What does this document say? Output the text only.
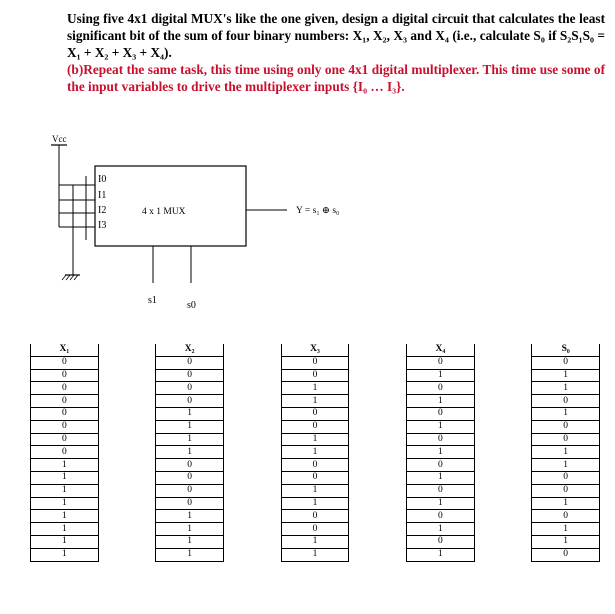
Using five 4x1 digital MUX's like the one given, design a digital circuit that calculates the least significant bit of the sum of four binary numbers: X₁, X₂, X₃ and X₄ (i.e., calculate S₀ if S₂S₁S₀ = X₁ + X₂ + X₃ + X₄).

(b)Repeat the same task, this time using only one 4x1 digital multiplexer. This time use some of the input variables to drive the multiplexer inputs {I₀ … I₃}.

Vcc
4 x 1 MUX
I0
I1
I2
I3
s1	s0
Y = s₁ ⊕ s₀
X₁		X₂		X₃		X₄		S₀
0		0		0		0		0
0		0		0		1		1
0		0		1		0		1
0		0		1		1		0
0		1		0		0		1
0		1		0		1		0
0		1		1		0		0
0		1		1		1		1
1		0		0		0		1
1		0		0		1		0
1		0		1		0		0
1		0		1		1		1
1		1		0		0		0
1		1		0		1		1
1		1		1		0		1
1		1		1		1		0
